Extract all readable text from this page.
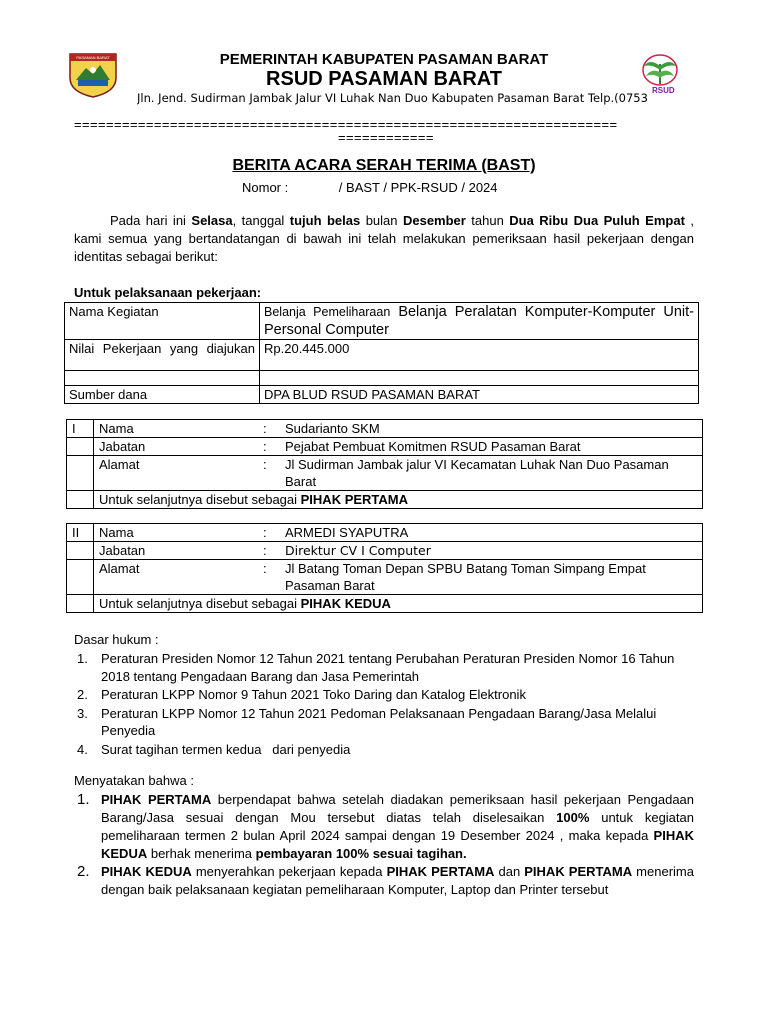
PASAMAN BARAT
RSUD
PEMERINTAH KABUPATEN PASAMAN BARAT
RSUD PASAMAN BARAT
Jln. Jend. Sudirman Jambak Jalur VI Luhak Nan Duo Kabupaten Pasaman Barat Telp.(0753
====================================================================
============
BERITA ACARA SERAH TERIMA (BAST)
Nomor :              / BAST / PPK-RSUD / 2024
Pada hari ini Selasa, tanggal tujuh belas bulan Desember tahun Dua Ribu Dua Puluh Empat , kami semua yang bertandatangan di bawah ini telah melakukan pemeriksaan hasil pekerjaan dengan identitas sebagai berikut:
Untuk pelaksanaan pekerjaan:
Nama Kegiatan	Belanja Pemeliharaan Belanja Peralatan Komputer-Komputer Unit-Personal Computer
Nilai Pekerjaan yang diajukan	Rp.20.445.000

Sumber dana	DPA BLUD RSUD PASAMAN BARAT
I	Nama	:	Sudarianto SKM
	Jabatan	:	Pejabat Pembuat Komitmen RSUD Pasaman Barat
	Alamat	:	Jl Sudirman Jambak jalur VI Kecamatan Luhak Nan Duo Pasaman Barat
	Untuk selanjutnya disebut sebagai PIHAK PERTAMA		
II	Nama	:	ARMEDI SYAPUTRA
	Jabatan	:	Direktur CV I Computer
	Alamat	:	Jl Batang Toman Depan SPBU Batang Toman Simpang Empat Pasaman Barat
	Untuk selanjutnya disebut sebagai PIHAK KEDUA		
Dasar hukum :
1. Peraturan Presiden Nomor 12 Tahun 2021 tentang Perubahan Peraturan Presiden Nomor 16 Tahun 2018 tentang Pengadaan Barang dan Jasa Pemerintah
2. Peraturan LKPP Nomor 9 Tahun 2021 Toko Daring dan Katalog Elektronik
3. Peraturan LKPP Nomor 12 Tahun 2021 Pedoman Pelaksanaan Pengadaan Barang/Jasa Melalui Penyedia
4. Surat tagihan termen kedua   dari penyedia
Menyatakan bahwa :
1. PIHAK PERTAMA berpendapat bahwa setelah diadakan pemeriksaan hasil pekerjaan Pengadaan Barang/Jasa sesuai dengan Mou tersebut diatas telah diselesaikan 100% untuk kegiatan pemeliharaan termen 2 bulan April 2024 sampai dengan 19 Desember 2024 , maka kepada PIHAK KEDUA berhak menerima pembayaran 100% sesuai tagihan.
2. PIHAK KEDUA menyerahkan pekerjaan kepada PIHAK PERTAMA dan PIHAK PERTAMA menerima dengan baik pelaksanaan kegiatan pemeliharaan Komputer, Laptop dan Printer tersebut
